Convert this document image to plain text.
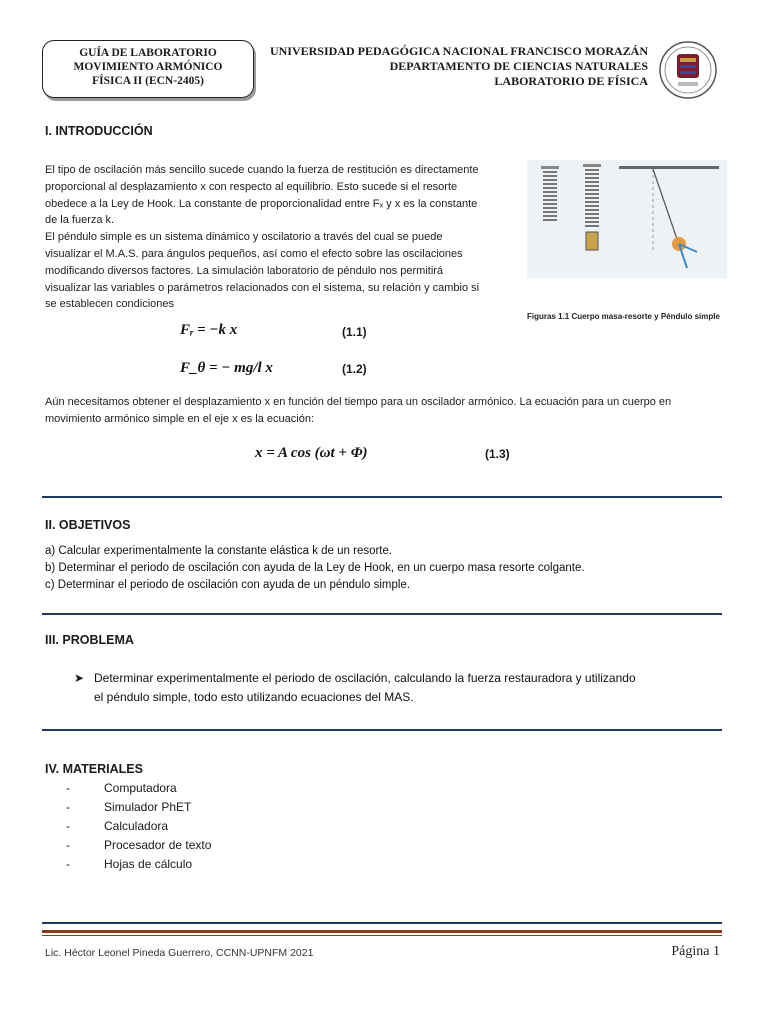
GUÍA DE LABORATORIO
MOVIMIENTO ARMÓNICO
FÍSICA II (ECN-2405)
UNIVERSIDAD PEDAGÓGICA NACIONAL FRANCISCO MORAZÁN
DEPARTAMENTO DE CIENCIAS NATURALES
LABORATORIO DE FÍSICA
I. INTRODUCCIÓN
El tipo de oscilación más sencillo sucede cuando la fuerza de restitución es directamente
proporcional al desplazamiento x con respecto al equilibrio. Esto sucede si el resorte
obedece a la Ley de Hook. La constante de proporcionalidad entre Fₓ y x es la constante
de la fuerza k.
El péndulo simple es un sistema dinámico y oscilatorio a través del cual se puede
visualizar el M.A.S. para ángulos pequeños, así como el efecto sobre las oscilaciones
modificando diversos factores. La simulación laboratorio de péndulo nos permitirá
visualizar las variables o parámetros relacionados con el sistema, su relación y cambio si
se establecen condiciones
Figuras 1.1 Cuerpo masa-resorte y Péndulo simple
Fᵣ = −k x	(1.1)
F_θ = − mg/l x	(1.2)
Aún necesitamos obtener el desplazamiento x en función del tiempo para un oscilador armónico. La ecuación para un cuerpo en
movimiento armónico simple en el eje x es la ecuación:
x = A cos (ωt + Φ)	(1.3)
II. OBJETIVOS
a) Calcular experimentalmente la constante elástica k de un resorte.
b) Determinar el periodo de oscilación con ayuda de la Ley de Hook, en un cuerpo masa resorte colgante.
c) Determinar el periodo de oscilación con ayuda de un péndulo simple.
III. PROBLEMA
➤ Determinar experimentalmente el periodo de oscilación, calculando la fuerza restauradora y utilizando
el péndulo simple, todo esto utilizando ecuaciones del MAS.
IV. MATERIALES
-	Computadora
-	Simulador PhET
-	Calculadora
-	Procesador de texto
-	Hojas de cálculo
Lic. Héctor Leonel Pineda Guerrero, CCNN-UPNFM 2021	Página 1
